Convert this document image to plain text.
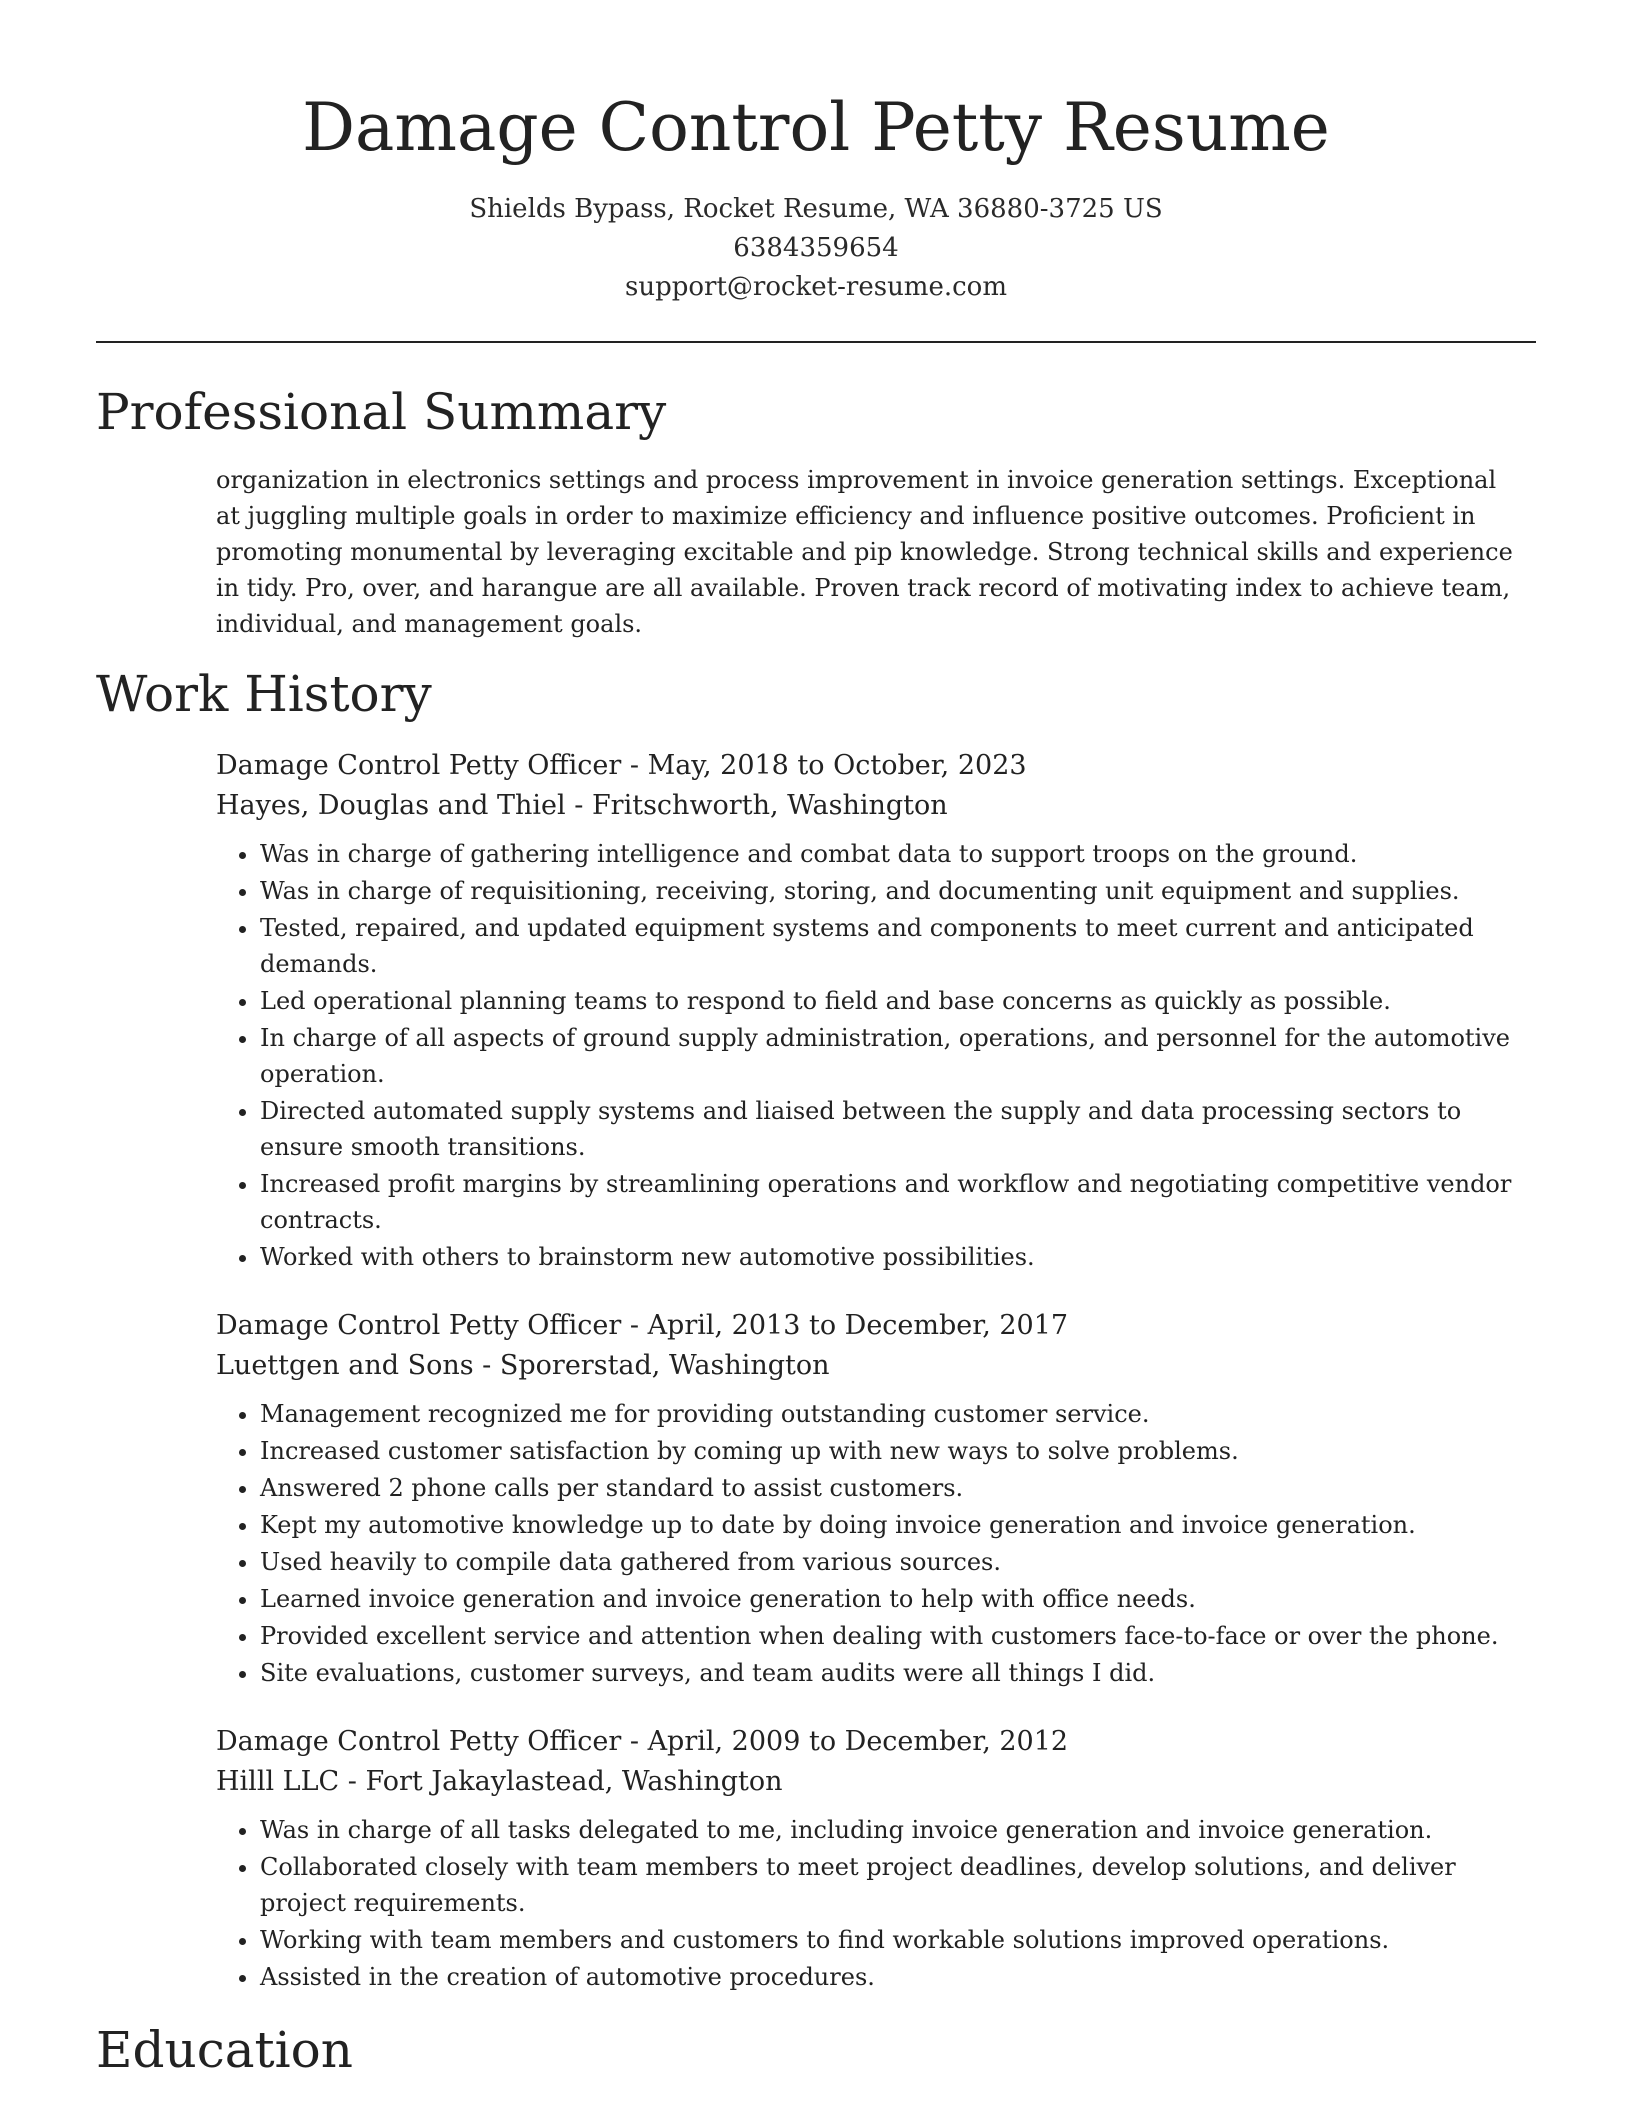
Damage Control Petty Resume
Shields Bypass, Rocket Resume, WA 36880-3725 US
6384359654
support@rocket-resume.com
Professional Summary

organization in electronics settings and process improvement in invoice generation settings. Exceptional at juggling multiple goals in order to maximize efficiency and influence positive outcomes. Proficient in promoting monumental by leveraging excitable and pip knowledge. Strong technical skills and experience in tidy. Pro, over, and harangue are all available. Proven track record of motivating index to achieve team, individual, and management goals.

Work History

Damage Control Petty Officer - May, 2018 to October, 2023

Hayes, Douglas and Thiel - Fritschworth, Washington

• Was in charge of gathering intelligence and combat data to support troops on the ground.
• Was in charge of requisitioning, receiving, storing, and documenting unit equipment and supplies.
• Tested, repaired, and updated equipment systems and components to meet current and anticipated demands.
• Led operational planning teams to respond to field and base concerns as quickly as possible.
• In charge of all aspects of ground supply administration, operations, and personnel for the automotive operation.
• Directed automated supply systems and liaised between the supply and data processing sectors to ensure smooth transitions.
• Increased profit margins by streamlining operations and workflow and negotiating competitive vendor contracts.
• Worked with others to brainstorm new automotive possibilities.

Damage Control Petty Officer - April, 2013 to December, 2017

Luettgen and Sons - Sporerstad, Washington

• Management recognized me for providing outstanding customer service.
• Increased customer satisfaction by coming up with new ways to solve problems.
• Answered 2 phone calls per standard to assist customers.
• Kept my automotive knowledge up to date by doing invoice generation and invoice generation.
• Used heavily to compile data gathered from various sources.
• Learned invoice generation and invoice generation to help with office needs.
• Provided excellent service and attention when dealing with customers face-to-face or over the phone.
• Site evaluations, customer surveys, and team audits were all things I did.

Damage Control Petty Officer - April, 2009 to December, 2012

Hilll LLC - Fort Jakaylastead, Washington

• Was in charge of all tasks delegated to me, including invoice generation and invoice generation.
• Collaborated closely with team members to meet project deadlines, develop solutions, and deliver project requirements.
• Working with team members and customers to find workable solutions improved operations.
• Assisted in the creation of automotive procedures.
Education
